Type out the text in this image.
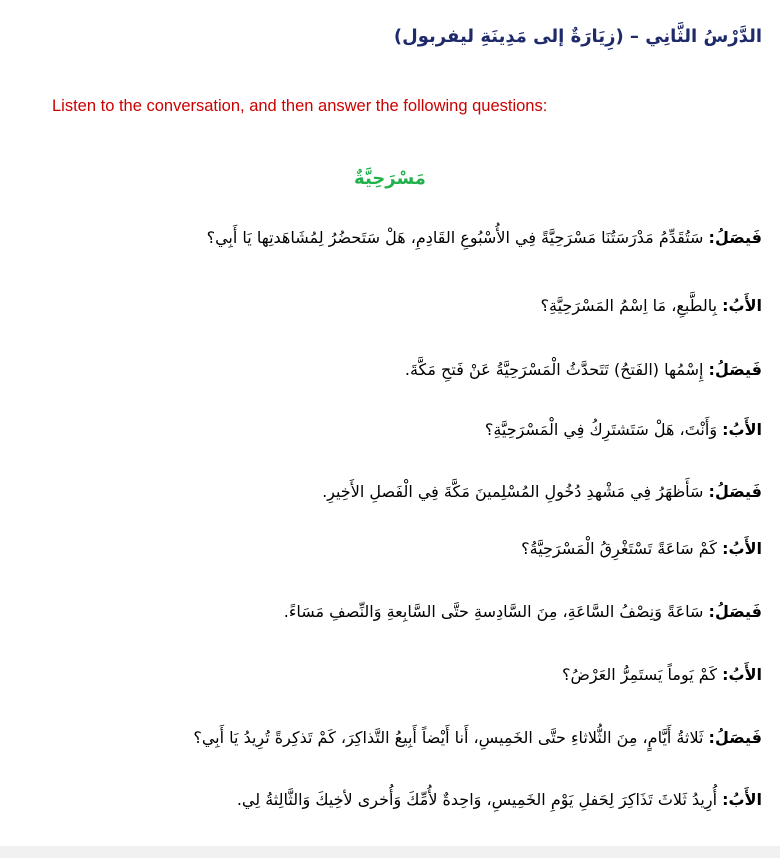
الدَّرْسُ الثَّانِي – (زِيَارَةٌ إلى مَدِينَةِ ليفربول)
Listen to the conversation, and then answer the following questions:
مَسْرَحِيَّةٌ
فَيصَلُ: سَتُقَدِّمُ مَدْرَسَتُنَا مَسْرَحِيَّةً فِي الأُسْبُوعِ القَادِمِ، هَلْ سَتَحضُرُ لِمُشَاهَدتِها يَا أَبِي؟
الأَبُ: بِالطَّبعِ، مَا اِسْمُ المَسْرَحِيَّةِ؟
فَيصَلُ: إِسْمُها (الفَتحُ) تَتَحدَّثُ الْمَسْرَحِيَّةُ عَنْ فَتحِ مَكَّةَ.
الأَبُ: وَأَنْتَ، هَلْ سَتَشتَرِكُ فِي الْمَسْرَحِيَّةِ؟
فَيصَلُ: سَأَظهَرُ فِي مَشْهدِ دُخُولِ المُسْلِمينَ مَكَّةَ فِي الْفَصلِ الأَخِيرِ.
الأَبُ: كَمْ سَاعَةً تَسْتَغْرِقُ الْمَسْرَحِيَّةُ؟
فَيصَلُ: سَاعَةً وَنِصْفُ السَّاعَةِ، مِنَ السَّادِسةِ حتَّى السَّابِعةِ وَالنِّصفِ مَسَاءً.
الأَبُ: كَمْ يَوماً يَستَمِرُّ العَرْضُ؟
فَيصَلُ: ثَلاثةُ أَيَّامٍ، مِنَ الثُّلاثاءِ حتَّى الخَمِيسِ، أَنا أَيْضاً أَبِيعُ التَّذاكِرَ، كَمْ تَذكِرةً تُرِيدُ يَا أَبِي؟
الأَبُ: أُرِيدُ ثَلاثَ تَذَاكِرَ لِحَفلِ يَوْمِ الخَمِيسِ، وَاحِدةٌ لأُمِّكَ وَأُخرى لأخِيكَ وَالثَّالِثةُ لِي.
